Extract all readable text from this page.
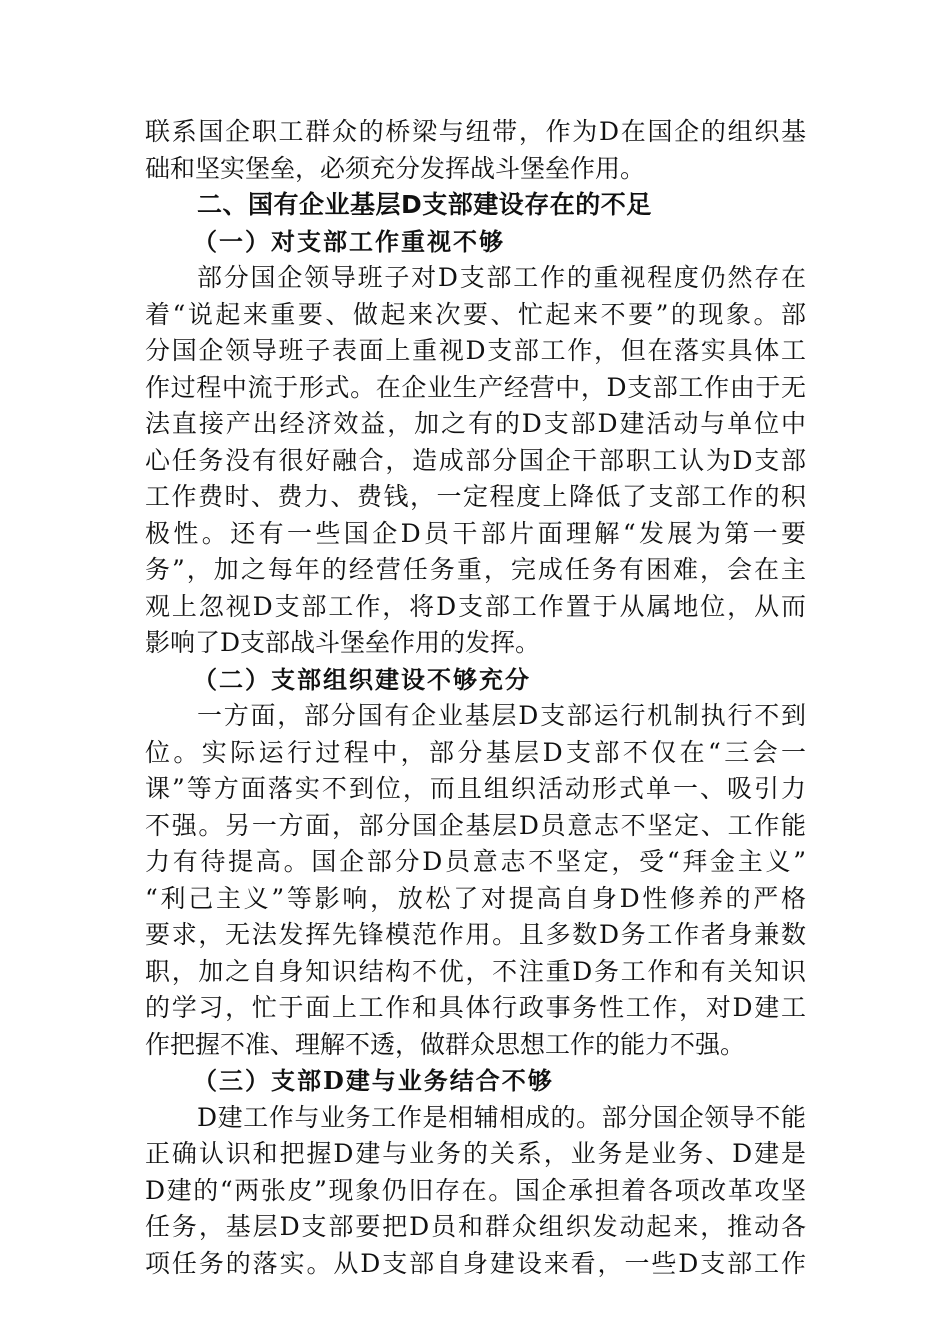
联系国企职工群众的桥梁与纽带，作为D在国企的组织基
础和坚实堡垒，必须充分发挥战斗堡垒作用。
二、国有企业基层D支部建设存在的不足
（一）对支部工作重视不够
部分国企领导班子对D支部工作的重视程度仍然存在
着“说起来重要、做起来次要、忙起来不要”的现象。部
分国企领导班子表面上重视D支部工作，但在落实具体工
作过程中流于形式。在企业生产经营中，D支部工作由于无
法直接产出经济效益，加之有的D支部D建活动与单位中
心任务没有很好融合，造成部分国企干部职工认为D支部
工作费时、费力、费钱，一定程度上降低了支部工作的积
极性。还有一些国企D员干部片面理解“发展为第一要
务”，加之每年的经营任务重，完成任务有困难，会在主
观上忽视D支部工作，将D支部工作置于从属地位，从而
影响了D支部战斗堡垒作用的发挥。
（二）支部组织建设不够充分
一方面，部分国有企业基层D支部运行机制执行不到
位。实际运行过程中，部分基层D支部不仅在“三会一
课”等方面落实不到位，而且组织活动形式单一、吸引力
不强。另一方面，部分国企基层D员意志不坚定、工作能
力有待提高。国企部分D员意志不坚定，受“拜金主义”
“利己主义”等影响，放松了对提高自身D性修养的严格
要求，无法发挥先锋模范作用。且多数D务工作者身兼数
职，加之自身知识结构不优，不注重D务工作和有关知识
的学习，忙于面上工作和具体行政事务性工作，对D建工
作把握不准、理解不透，做群众思想工作的能力不强。
（三）支部D建与业务结合不够
D建工作与业务工作是相辅相成的。部分国企领导不能
正确认识和把握D建与业务的关系，业务是业务、D建是
D建的“两张皮”现象仍旧存在。国企承担着各项改革攻坚
任务，基层D支部要把D员和群众组织发动起来，推动各
项任务的落实。从D支部自身建设来看，一些D支部工作
